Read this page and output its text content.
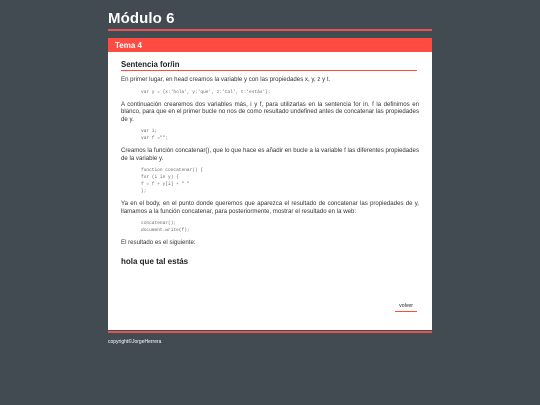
Módulo 6
Tema 4
Sentencia for/in

En primer lugar, en head creamos la variable y con las propiedades x, y, z y t.

var y = {x:'hola', y:'que', z:'tal', t:'estás'};

A continuación crearemos dos variables más, i y f, para utilizarlas en la sentencia for in. f la definimos en blanco, para que en el primer bucle no nos de como resultado undefined antes de concatenar las propiedades de y.

var i;
var f ="";

Creamos la función concatenar(), que lo que hace es añadir en bucle a la variable f las diferentes propiedades de la variable y.

function concatenar() {
for (i in y) {
f = f + y[i] + " "
};

Ya en el body, en el punto donde queremos que aparezca el resultado de concatenar las propiedades de y, llamamos a la función concatenar, para posteriormente, mostrar el resultado en la web:

concatenar();
document.write(f);

El resultado es el siguiente:

hola que tal estás
volver

copyright©JorgeHerrera
